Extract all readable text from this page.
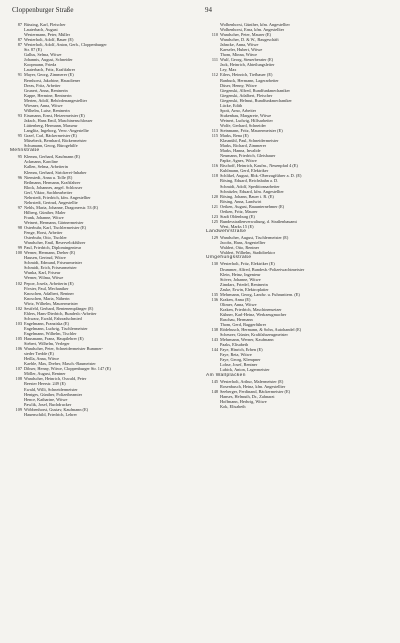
Cloppenburger Straße	94
87 Büssing, Karl, Fleischer
Lauterbach, August
Westermann, Peter, Müller
87 Westerholt, Adolf, Bauer (E)
87 Westerholt, Adolf, Anton, Gerh., Cloppenburger
Str. 87 (E)
Gallus, Selma, Witwe
Johannis, August, Schneider
Koopmann, Frieda
Lauterbach, Fritz, Kraftfahrer
91 Mayer, Georg, Zimmerer (E)
Bernhorst, Jakobine, Hausdiener
Dreas, Fritz, Arbeiter
Grunert, Anna, Rentnerin
Kappe, Hermine, Rentnerin
Merten, Adolf, Behördenangestellter
Wiesner, Anna, Witwe
Wilhelm, Luise, Rentnerin
93 Eissmann, Ernst, Heizermeister (E)
Jaksch, Hans Emil, Maschinenschlosser
Lüttenberg, Hermann, Masseur
Langlitz, Ingeborg, Verw.-Angestellte
95 Graef, Carl, Bäckermeister (E)
Müsebeck, Bernhard, Bäckermeister
Schumann, Georg, Bürogehilfe
Mehnstraße
95 Klemm, Gerhard, Kaufmann (E)
Ackmann, Karoline
Kallen, Selma, Arbeiterin
Klemm, Gerhard, Strickerei-Inhaber
96 Nienstedt, Anna u. Tolle (E)
Beilmann, Hermann, Kraftfahrer
Block, Johannes, angel. Schlosser
Gerl, Viktor, Sachbearbeiter
Nehrstedt, Friedrich, kfm. Angestellter
Nehrstedt, Gertrud, Angestellte
97 Nehls, Maria, Johanne, Dragonerstr. 53 (E)
Hilberg, Günther, Maler
Frank, Johanne, Witwe
Weinert, Hermann, Gärtnermeister
98 Osterbuhr, Karl, Tischlermeister (E)
Fenge, Horst, Arbeiter
Osterbuhr, Otto, Tischler
Wandscher, Emil, Reservelokführer
99 Paul, Friedrich, Diplomingenieur
100 Werner, Hermann, Dreher (E)
Hausen, Gertrud, Witwe
Schmidt, Edmund, Friseurmeister
Schmidt, Erich, Friseurmeister
Wunka, Karl, Friseur
Werner, Wilma, Witwe
102 Pepoe, Josefa, Arbeiterin (E)
Förster, Paul, Mechaniker
Knoschen, Adalbert, Rentner
Knoschen, Maria, Näherin
Wirtz, Wilhelm, Maurermeister
102 Sestfeld, Gerhard, Rentenempfänger (E)
Ehlers, Hans-Diedrich, Bundesb.-Arbeiter
Schwarz, Ewald, Fahrradschmied
103 Engelmann, Franziska (E)
Engelmann, Ludwig, Tischlermeister
Engelmann, Wilhelm, Tischler
105 Hausmann, Franz, Hauptlehrer (E)
Siebert, Wilhelm, Verleger
106 Wandscher, Peter, Schneidermeister Bummer-
steder Tredde (E)
Heilla, Anna, Witwe
Kaehle, Max, Dreher, Masch.-Baumeister
107 Dibser, Henny, Witwe, Cloppenburger Str. 147 (E)
Möller, August, Rentner
108 Wandscher, Heinrich, Oswald, Peter
Beester Heerstr. 249 (E)
Ewald, Willi, Schneidermeister
Hentges, Günther, Polizeibeamter
Hence, Katharine, Witwe
Pawlik, Josef, Buchdrucker
109 Wöbbenhorst, Gustav, Kaufmann (E)
Hauenschild, Friedrich, Lehrer
Wolbenhorst, Günther, kfm. Angestellter
Wolbenhorst, Erna, kfm. Angestellter
110 Wandscher, Peter, Maurer (E)
Wandscher, D. & W., Baugeschäft
Jahncke, Anna, Witwe
Kaeseler, Hubert, Witwe
Thom, Minna, Witwe
111 Wulf, Georg, Steuerberater (E)
Jack, Heinrich, Abteilungsleiter
Ley, Max
112 Eilers, Heinrich, Tiefbauer (E)
Banbuck, Hermann, Lagerarbeiter
Düser, Henny, Witwe
Giegenski, Alfred, Rundfunkmechaniker
Giegenski, Adalbert, Fleischer
Giegenski, Helmut, Rundfunkmechaniker
Lücke, Edith
Spott, Arno, Arbeiter
Stukenbau, Margarete, Witwe
Weinert, Ludwig, Hilfsarbeiter
Wolfe, Gerhard, Schneider
113 Steinmann, Fritz, Maurermeister (E)
115 Marks, Rena (E)
Klasmühl, Paul, Schneidermeister
Marks, Richard, Zimmerer
Marks, Hanna, Invalide
Neumann, Friedrich, Gleisbauer
Papke, Agnes, Witwe
116 Bischoff, Heinrich, Kaufm., Neuenpfad 4 (E)
Kuhlmann, Gerd, Elektriker
118 Schlikel, August, Rbk.-Oberzugführer a. D. (E)
Bösing, Eduard, Reichsbahn a. D.
Schmidt, Adolf, Speditionsarbeiter
Schnitzler, Eduard, kfm. Angestellter
120 Bösing, Johann, Bauer i. R. (E)
Bösing, Anna, Landwirt
121 Oetken, August, Bauunternehmer (E)
Oetken, Fritz, Maurer
123 Stadt Oldenburg (E)
125 Bundesstraßenverwaltung, d. Straßenbauamt
West, Marks 15 (E)
Landwehrstraße
129 Wandscher, August, Tischlermeister (E)
Jacobs, Hans, Angestellter
Waldert, Otto, Rentner
Waldert, Wilhelm, Stadtdirektor
Umgehungsstraße
130 Westerholt, Fritz, Elektriker (E)
Drummer, Alfred, Bundesb.-Polizeiwachtmeister
Klein, Heinz, Ingenieur
Stöver, Johanne, Witwe
Zimdars, Friedel, Rentnerin
Zaske, Erwin, Elektroplatier
135 Mehrmann, Georg, Landw. u. Fuhrunttern. (E)
136 Kraken, Anna (E)
Oltmer, Anna, Witwe
Kraken, Friedrich, Maschinensetzer
Kühner, Karl-Heinz, Werkzeugmacher
Raschau, Hermann
Thom, Gerd, Baggerführer
138 Rödebusch, Hermann, & Sohn, Autohandel (E)
Scheurer, Günter, Kraftfahrzeugmeister
143 Mehrmann, Werner, Kaufmann
Paaks, Elisabeth
144 Faye, Hinrich, Erben (E)
Faye, Reta, Witwe
Faye, Georg, Klempner
Lohse, Josef, Rentner
Lubick, Anton, Lagermeister
Am Wallplacken
145 Westerholt, Arthur, Malermeister (E)
Rosenbusch, Heinz, kfm. Angestellter
148 Seeberger, Ferdinand, Bäckermeister (E)
Hanses, Helmuth, Dr., Zahnarzt
Hoffmann, Hedwig, Witwe
Kok, Elisabeth
